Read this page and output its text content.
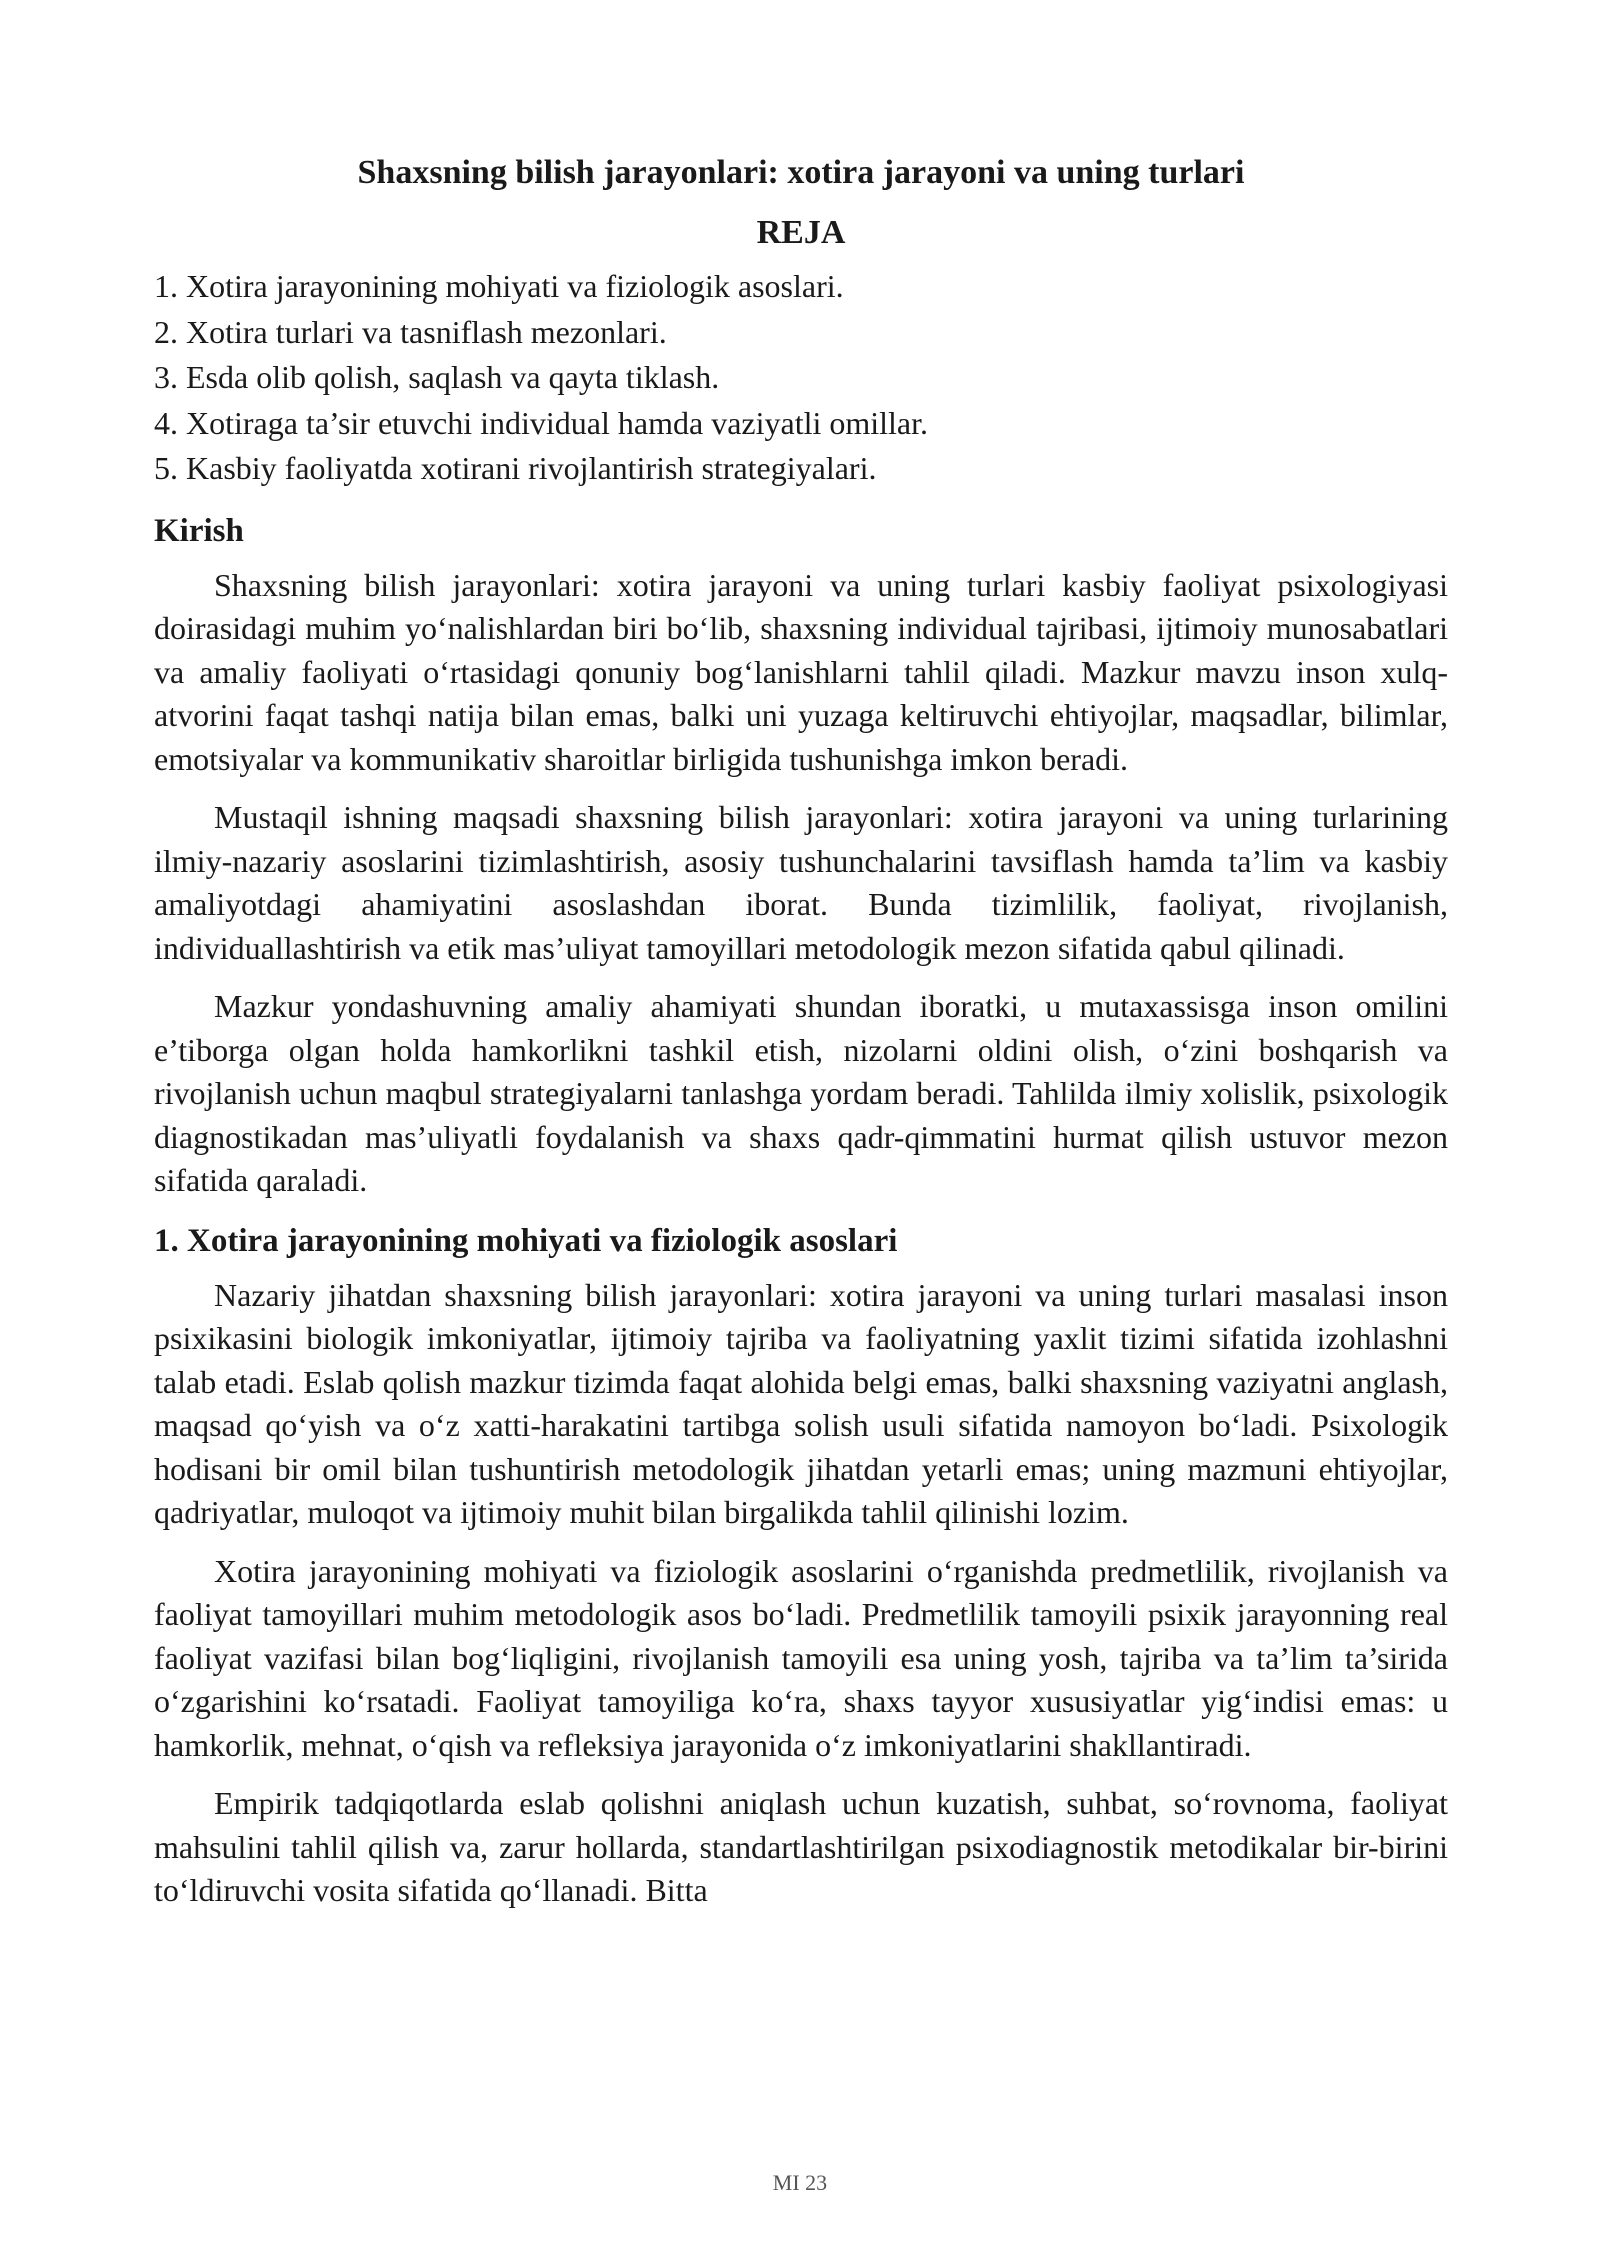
Shaxsning bilish jarayonlari: xotira jarayoni va uning turlari
REJA
1. Xotira jarayonining mohiyati va fiziologik asoslari.
2. Xotira turlari va tasniflash mezonlari.
3. Esda olib qolish, saqlash va qayta tiklash.
4. Xotiraga ta’sir etuvchi individual hamda vaziyatli omillar.
5. Kasbiy faoliyatda xotirani rivojlantirish strategiyalari.
Kirish

Shaxsning bilish jarayonlari: xotira jarayoni va uning turlari kasbiy faoliyat psixologiyasi doirasidagi muhim yo‘nalishlardan biri bo‘lib, shaxsning individual tajribasi, ijtimoiy munosabatlari va amaliy faoliyati o‘rtasidagi qonuniy bog‘lanishlarni tahlil qiladi. Mazkur mavzu inson xulq-atvorini faqat tashqi natija bilan emas, balki uni yuzaga keltiruvchi ehtiyojlar, maqsadlar, bilimlar, emotsiyalar va kommunikativ sharoitlar birligida tushunishga imkon beradi.

Mustaqil ishning maqsadi shaxsning bilish jarayonlari: xotira jarayoni va uning turlarining ilmiy-nazariy asoslarini tizimlashtirish, asosiy tushunchalarini tavsiflash hamda ta’lim va kasbiy amaliyotdagi ahamiyatini asoslashdan iborat. Bunda tizimlilik, faoliyat, rivojlanish, individuallashtirish va etik mas’uliyat tamoyillari metodologik mezon sifatida qabul qilinadi.

Mazkur yondashuvning amaliy ahamiyati shundan iboratki, u mutaxassisga inson omilini e’tiborga olgan holda hamkorlikni tashkil etish, nizolarni oldini olish, o‘zini boshqarish va rivojlanish uchun maqbul strategiyalarni tanlashga yordam beradi. Tahlilda ilmiy xolislik, psixologik diagnostikadan mas’uliyatli foydalanish va shaxs qadr-qimmatini hurmat qilish ustuvor mezon sifatida qaraladi.

1. Xotira jarayonining mohiyati va fiziologik asoslari

Nazariy jihatdan shaxsning bilish jarayonlari: xotira jarayoni va uning turlari masalasi inson psixikasini biologik imkoniyatlar, ijtimoiy tajriba va faoliyatning yaxlit tizimi sifatida izohlashni talab etadi. Eslab qolish mazkur tizimda faqat alohida belgi emas, balki shaxsning vaziyatni anglash, maqsad qo‘yish va o‘z xatti-harakatini tartibga solish usuli sifatida namoyon bo‘ladi. Psixologik hodisani bir omil bilan tushuntirish metodologik jihatdan yetarli emas; uning mazmuni ehtiyojlar, qadriyatlar, muloqot va ijtimoiy muhit bilan birgalikda tahlil qilinishi lozim.

Xotira jarayonining mohiyati va fiziologik asoslarini o‘rganishda predmetlilik, rivojlanish va faoliyat tamoyillari muhim metodologik asos bo‘ladi. Predmetlilik tamoyili psixik jarayonning real faoliyat vazifasi bilan bog‘liqligini, rivojlanish tamoyili esa uning yosh, tajriba va ta’lim ta’sirida o‘zgarishini ko‘rsatadi. Faoliyat tamoyiliga ko‘ra, shaxs tayyor xususiyatlar yig‘indisi emas: u hamkorlik, mehnat, o‘qish va refleksiya jarayonida o‘z imkoniyatlarini shakllantiradi.

Empirik tadqiqotlarda eslab qolishni aniqlash uchun kuzatish, suhbat, so‘rovnoma, faoliyat mahsulini tahlil qilish va, zarur hollarda, standartlashtirilgan psixodiagnostik metodikalar bir-birini to‘ldiruvchi vosita sifatida qo‘llanadi. Bitta

MI 23
